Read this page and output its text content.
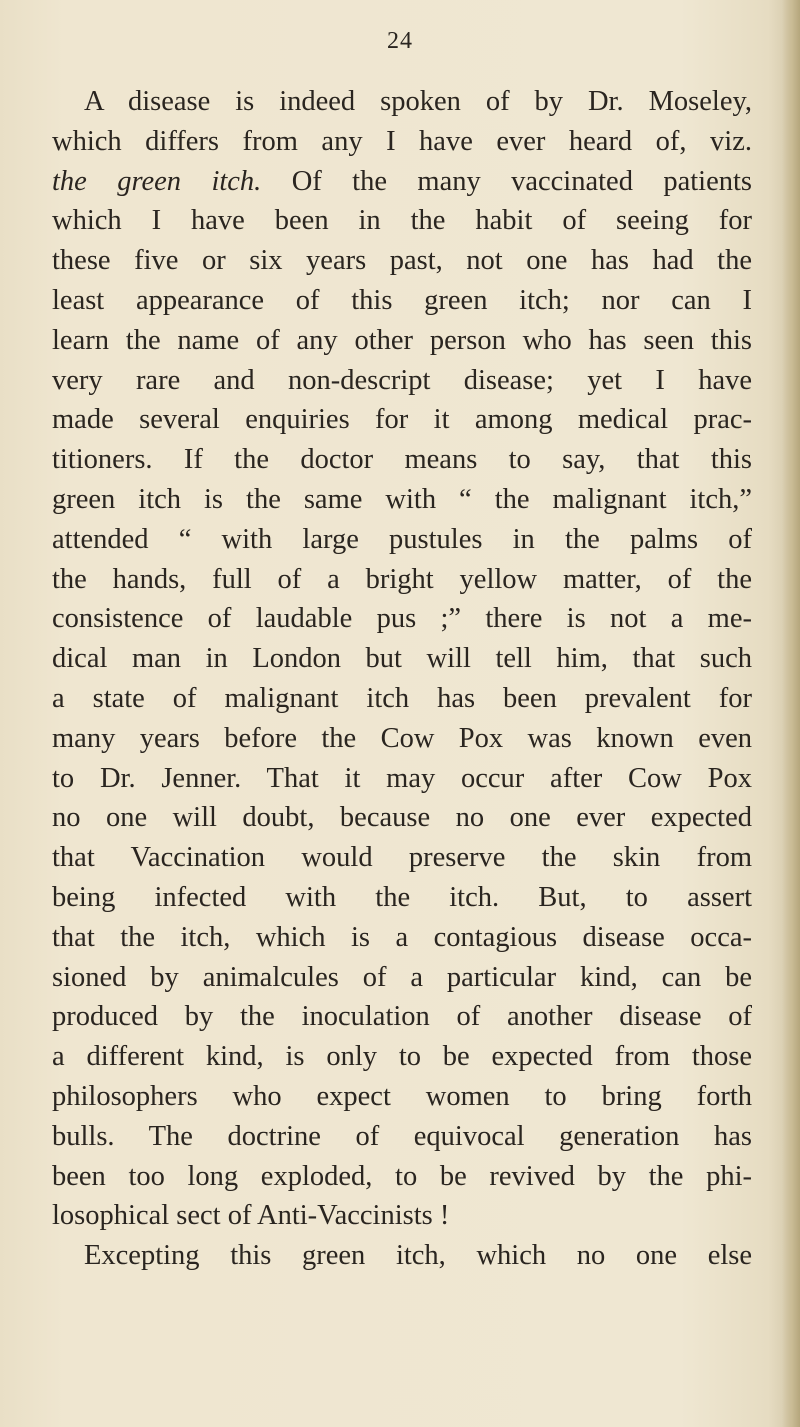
24
A disease is indeed spoken of by Dr. Moseley,
which differs from any I have ever heard of, viz.
the green itch. Of the many vaccinated patients
which I have been in the habit of seeing for
these five or six years past, not one has had the
least appearance of this green itch; nor can I
learn the name of any other person who has seen this
very rare and non-descript disease; yet I have
made several enquiries for it among medical prac-
titioners. If the doctor means to say, that this
green itch is the same with “ the malignant itch,”
attended “ with large pustules in the palms of
the hands, full of a bright yellow matter, of the
consistence of laudable pus ;” there is not a me-
dical man in London but will tell him, that such
a state of malignant itch has been prevalent for
many years before the Cow Pox was known even
to Dr. Jenner. That it may occur after Cow Pox
no one will doubt, because no one ever expected
that Vaccination would preserve the skin from
being infected with the itch. But, to assert
that the itch, which is a contagious disease occa-
sioned by animalcules of a particular kind, can be
produced by the inoculation of another disease of
a different kind, is only to be expected from those
philosophers who expect women to bring forth
bulls. The doctrine of equivocal generation has
been too long exploded, to be revived by the phi-
losophical sect of Anti-Vaccinists !
Excepting this green itch, which no one else
